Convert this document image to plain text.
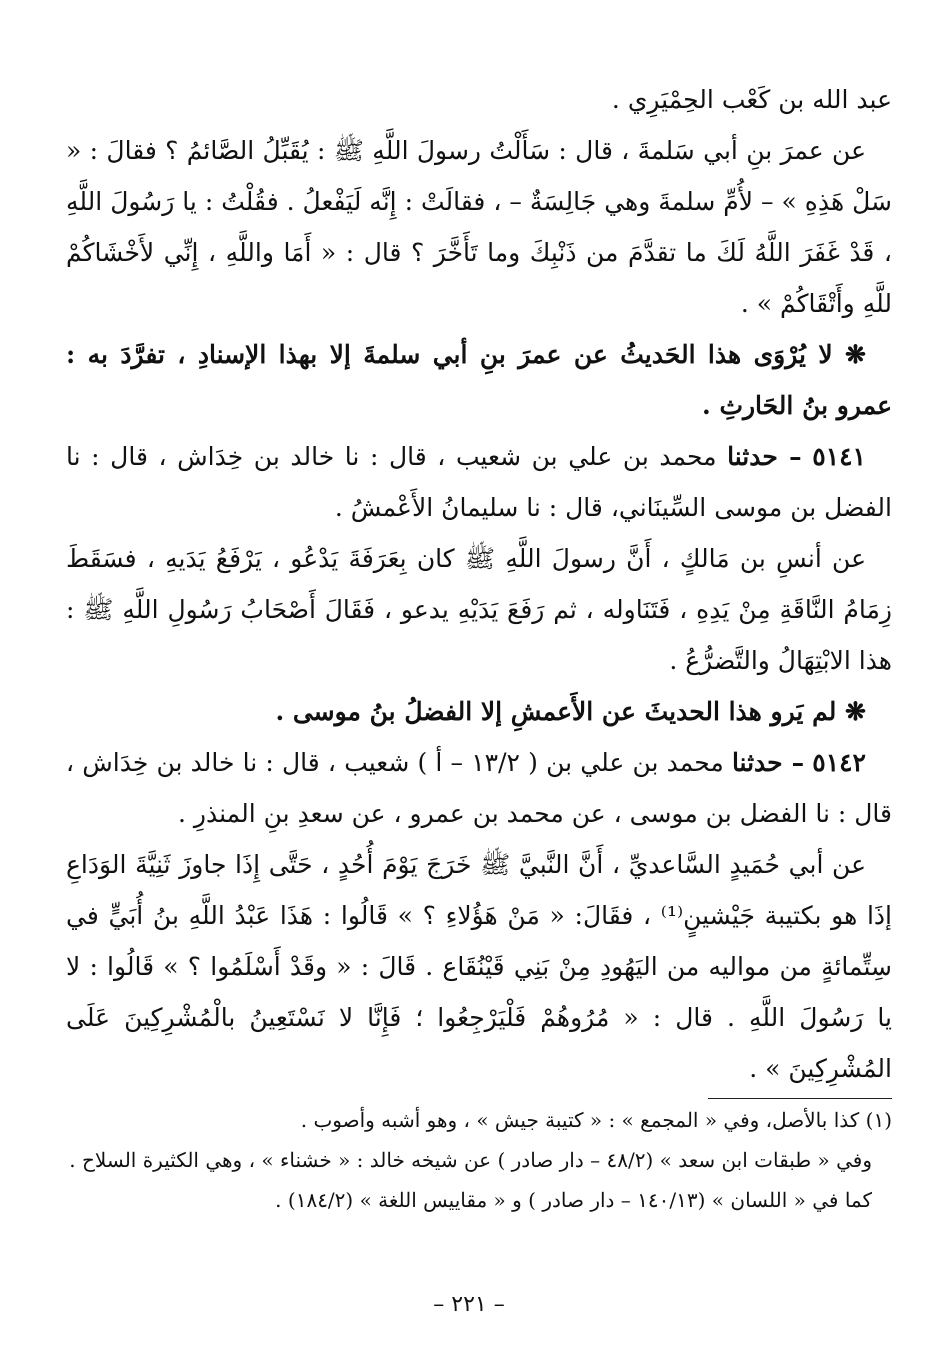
عبد الله بن كَعْب الحِمْيَرِي .

عن عمرَ بنِ أبي سَلمةَ ، قال : سَأَلْتُ رسولَ اللَّهِ ﷺ : يُقَبِّلُ الصَّائمُ ؟ فقالَ : « سَلْ هَذِهِ » – لأُمِّ سلمةَ وهي جَالِسَةٌ – ، فقالَتْ : إِنَّه لَيَفْعلُ . فقُلْتُ : يا رَسُولَ اللَّهِ ، قَدْ غَفَرَ اللَّهُ لَكَ ما تقدَّمَ من ذَنْبِكَ وما تَأَخَّرَ ؟ قال : « أَمَا واللَّهِ ، إِنِّي لأَخْشَاكُمْ للَّهِ وأَتْقَاكُمْ » .

❋ لا يُرْوَى هذا الحَديثُ عن عمرَ بنِ أبي سلمةَ إلا بهذا الإسنادِ ، تفرَّدَ به : عمرو بنُ الحَارثِ .

٥١٤١ – حدثنا محمد بن علي بن شعيب ، قال : نا خالد بن خِدَاش ، قال : نا الفضل بن موسى السِّينَاني، قال : نا سليمانُ الأَعْمشُ .

عن أنسِ بن مَالكٍ ، أَنَّ رسولَ اللَّهِ ﷺ كان بِعَرَفَةَ يَدْعُو ، يَرْفَعُ يَدَيهِ ، فسَقَطَ زِمَامُ النَّاقَةِ مِنْ يَدِهِ ، فَتَنَاوله ، ثم رَفَعَ يَدَيْهِ يدعو ، فَقَالَ أَصْحَابُ رَسُولِ اللَّهِ ﷺ : هذا الابْتِهَالُ والتَّضرُّعُ .

❋ لم يَرو هذا الحديثَ عن الأَعمشِ إلا الفضلُ بنُ موسى .

٥١٤٢ – حدثنا محمد بن علي بن ( ١٣/٢ – أ ) شعيب ، قال : نا خالد بن خِدَاش ، قال : نا الفضل بن موسى ، عن محمد بن عمرو ، عن سعدِ بنِ المنذرِ .

عن أبي حُمَيدٍ السَّاعديِّ ، أَنَّ النَّبيَّ ﷺ خَرَجَ يَوْمَ أُحُدٍ ، حَتَّى إِذَا جاوزَ ثَنِيَّةَ الوَدَاعِ إذَا هو بكتيبة جَيْشينٍ⁽¹⁾ ، فقَالَ: « مَنْ هَؤُلاءِ ؟ » قَالُوا : هَذَا عَبْدُ اللَّهِ بنُ أُبَيٍّ في سِتِّمائةٍ من مواليه من اليَهُودِ مِنْ بَنِي قَيْنُقَاع . قَالَ : « وقَدْ أَسْلَمُوا ؟ » قَالُوا : لا يا رَسُولَ اللَّهِ . قال : « مُرُوهُمْ فَلْيَرْجِعُوا ؛ فَإِنَّا لا نَسْتَعِينُ بالْمُشْرِكِينَ عَلَى المُشْرِكِينَ » .

(١) كذا بالأصل، وفي « المجمع » : « كتيبة جيش » ، وهو أشبه وأصوب .

وفي « طبقات ابن سعد » (٤٨/٢ – دار صادر ) عن شيخه خالد : « خشناء » ، وهي الكثيرة السلاح . كما في « اللسان » (١٤٠/١٣ – دار صادر ) و « مقاييس اللغة » (١٨٤/٢) .

– ٢٢١ –
